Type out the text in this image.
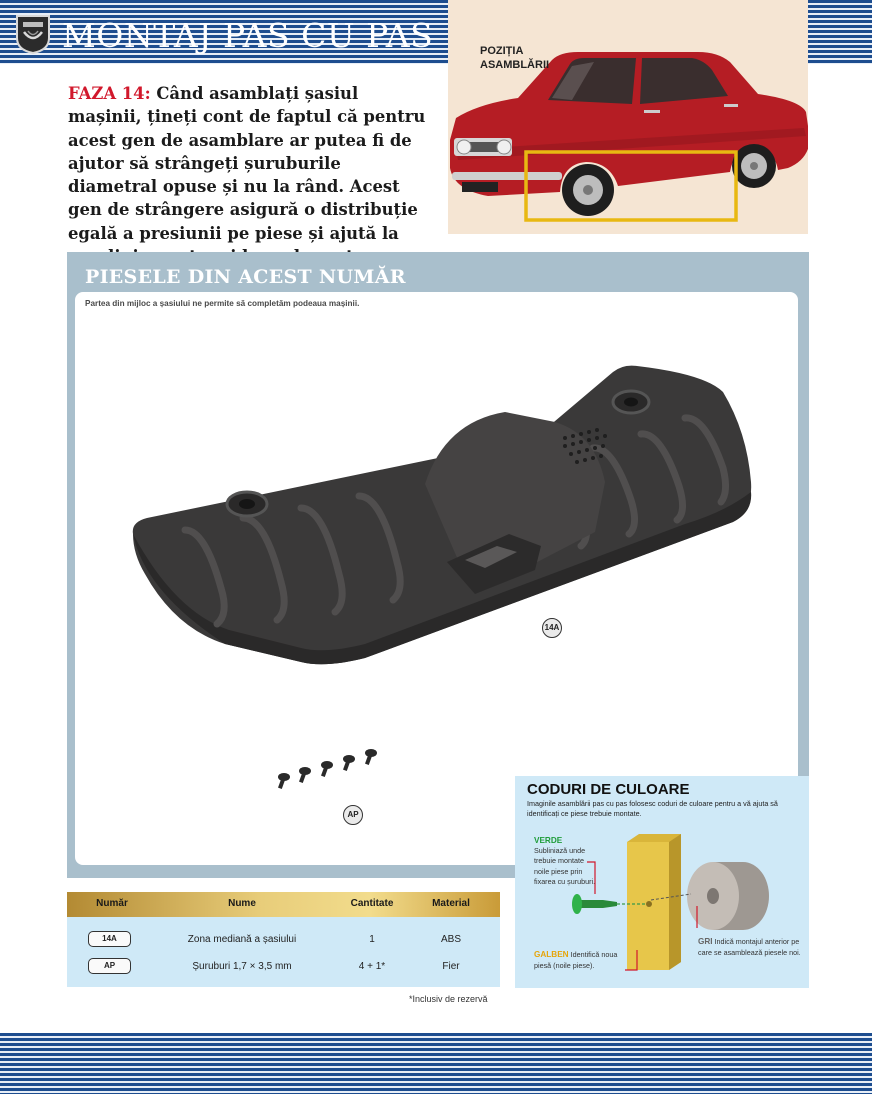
MONTAJ PAS CU PAS
FAZA 14: Când asamblați șasiul mașinii, țineți cont de faptul că pentru acest gen de asamblare ar putea fi de ajutor să strângeți șuruburile diametral opuse și nu la rând. Acest gen de strângere asigură o distribuție egală a presiunii pe piese și ajută la
POZIȚIA ASAMBLĂRII
PIESELE DIN ACEST NUMĂR
Partea din mijloc a șasiului ne permite să completăm podeaua mașinii.
14A
AP
CODURI DE CULOARE
Imaginile asamblării pas cu pas folosesc coduri de culoare pentru a vă ajuta să identificați ce piese trebuie montate.
VERDE
Subliniază unde trebuie montate noile piese prin fixarea cu șuruburi.
GALBEN Identifică noua piesă (noile piese).
GRI Indică montajul anterior pe care se asamblează piesele noi.
Număr	Nume	Cantitate	Material
14A	Zona mediană a șasiului	1	ABS
AP	Șuruburi 1,7 × 3,5 mm	4 + 1*	Fier
*Inclusiv de rezervă
